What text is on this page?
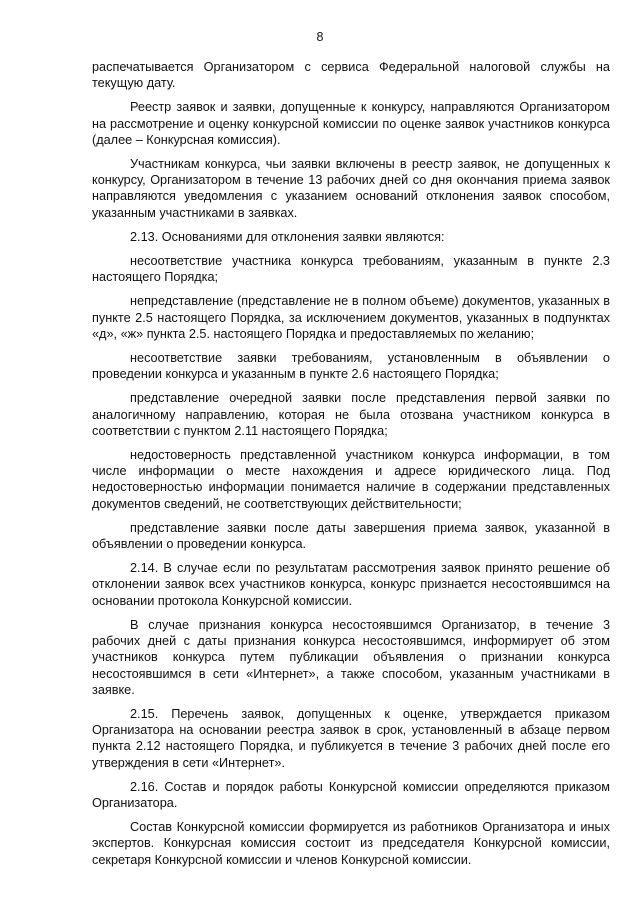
8

распечатывается Организатором с сервиса Федеральной налоговой службы на текущую дату.

Реестр заявок и заявки, допущенные к конкурсу, направляются Организатором на рассмотрение и оценку конкурсной комиссии по оценке заявок участников конкурса (далее – Конкурсная комиссия).

Участникам конкурса, чьи заявки включены в реестр заявок, не допущенных к конкурсу, Организатором в течение 13 рабочих дней со дня окончания приема заявок направляются уведомления с указанием оснований отклонения заявок способом, указанным участниками в заявках.

2.13. Основаниями для отклонения заявки являются:

несоответствие участника конкурса требованиям, указанным в пункте 2.3 настоящего Порядка;

непредставление (представление не в полном объеме) документов, указанных в пункте 2.5 настоящего Порядка, за исключением документов, указанных в подпунктах «д», «ж» пункта 2.5. настоящего Порядка и предоставляемых по желанию;

несоответствие заявки требованиям, установленным в объявлении о проведении конкурса и указанным в пункте 2.6 настоящего Порядка;

представление очередной заявки после представления первой заявки по аналогичному направлению, которая не была отозвана участником конкурса в соответствии с пунктом 2.11 настоящего Порядка;

недостоверность представленной участником конкурса информации, в том числе информации о месте нахождения и адресе юридического лица. Под недостоверностью информации понимается наличие в содержании представленных документов сведений, не соответствующих действительности;

представление заявки после даты завершения приема заявок, указанной в объявлении о проведении конкурса.

2.14. В случае если по результатам рассмотрения заявок принято решение об отклонении заявок всех участников конкурса, конкурс признается несостоявшимся на основании протокола Конкурсной комиссии.

В случае признания конкурса несостоявшимся Организатор, в течение 3 рабочих дней с даты признания конкурса несостоявшимся, информирует об этом участников конкурса путем публикации объявления о признании конкурса несостоявшимся в сети «Интернет», а также способом, указанным участниками в заявке.

2.15. Перечень заявок, допущенных к оценке, утверждается приказом Организатора на основании реестра заявок в срок, установленный в абзаце первом пункта 2.12 настоящего Порядка, и публикуется в течение 3 рабочих дней после его утверждения в сети «Интернет».

2.16. Состав и порядок работы Конкурсной комиссии определяются приказом Организатора.

Состав Конкурсной комиссии формируется из работников Организатора и иных экспертов. Конкурсная комиссия состоит из председателя Конкурсной комиссии, секретаря Конкурсной комиссии и членов Конкурсной комиссии.
